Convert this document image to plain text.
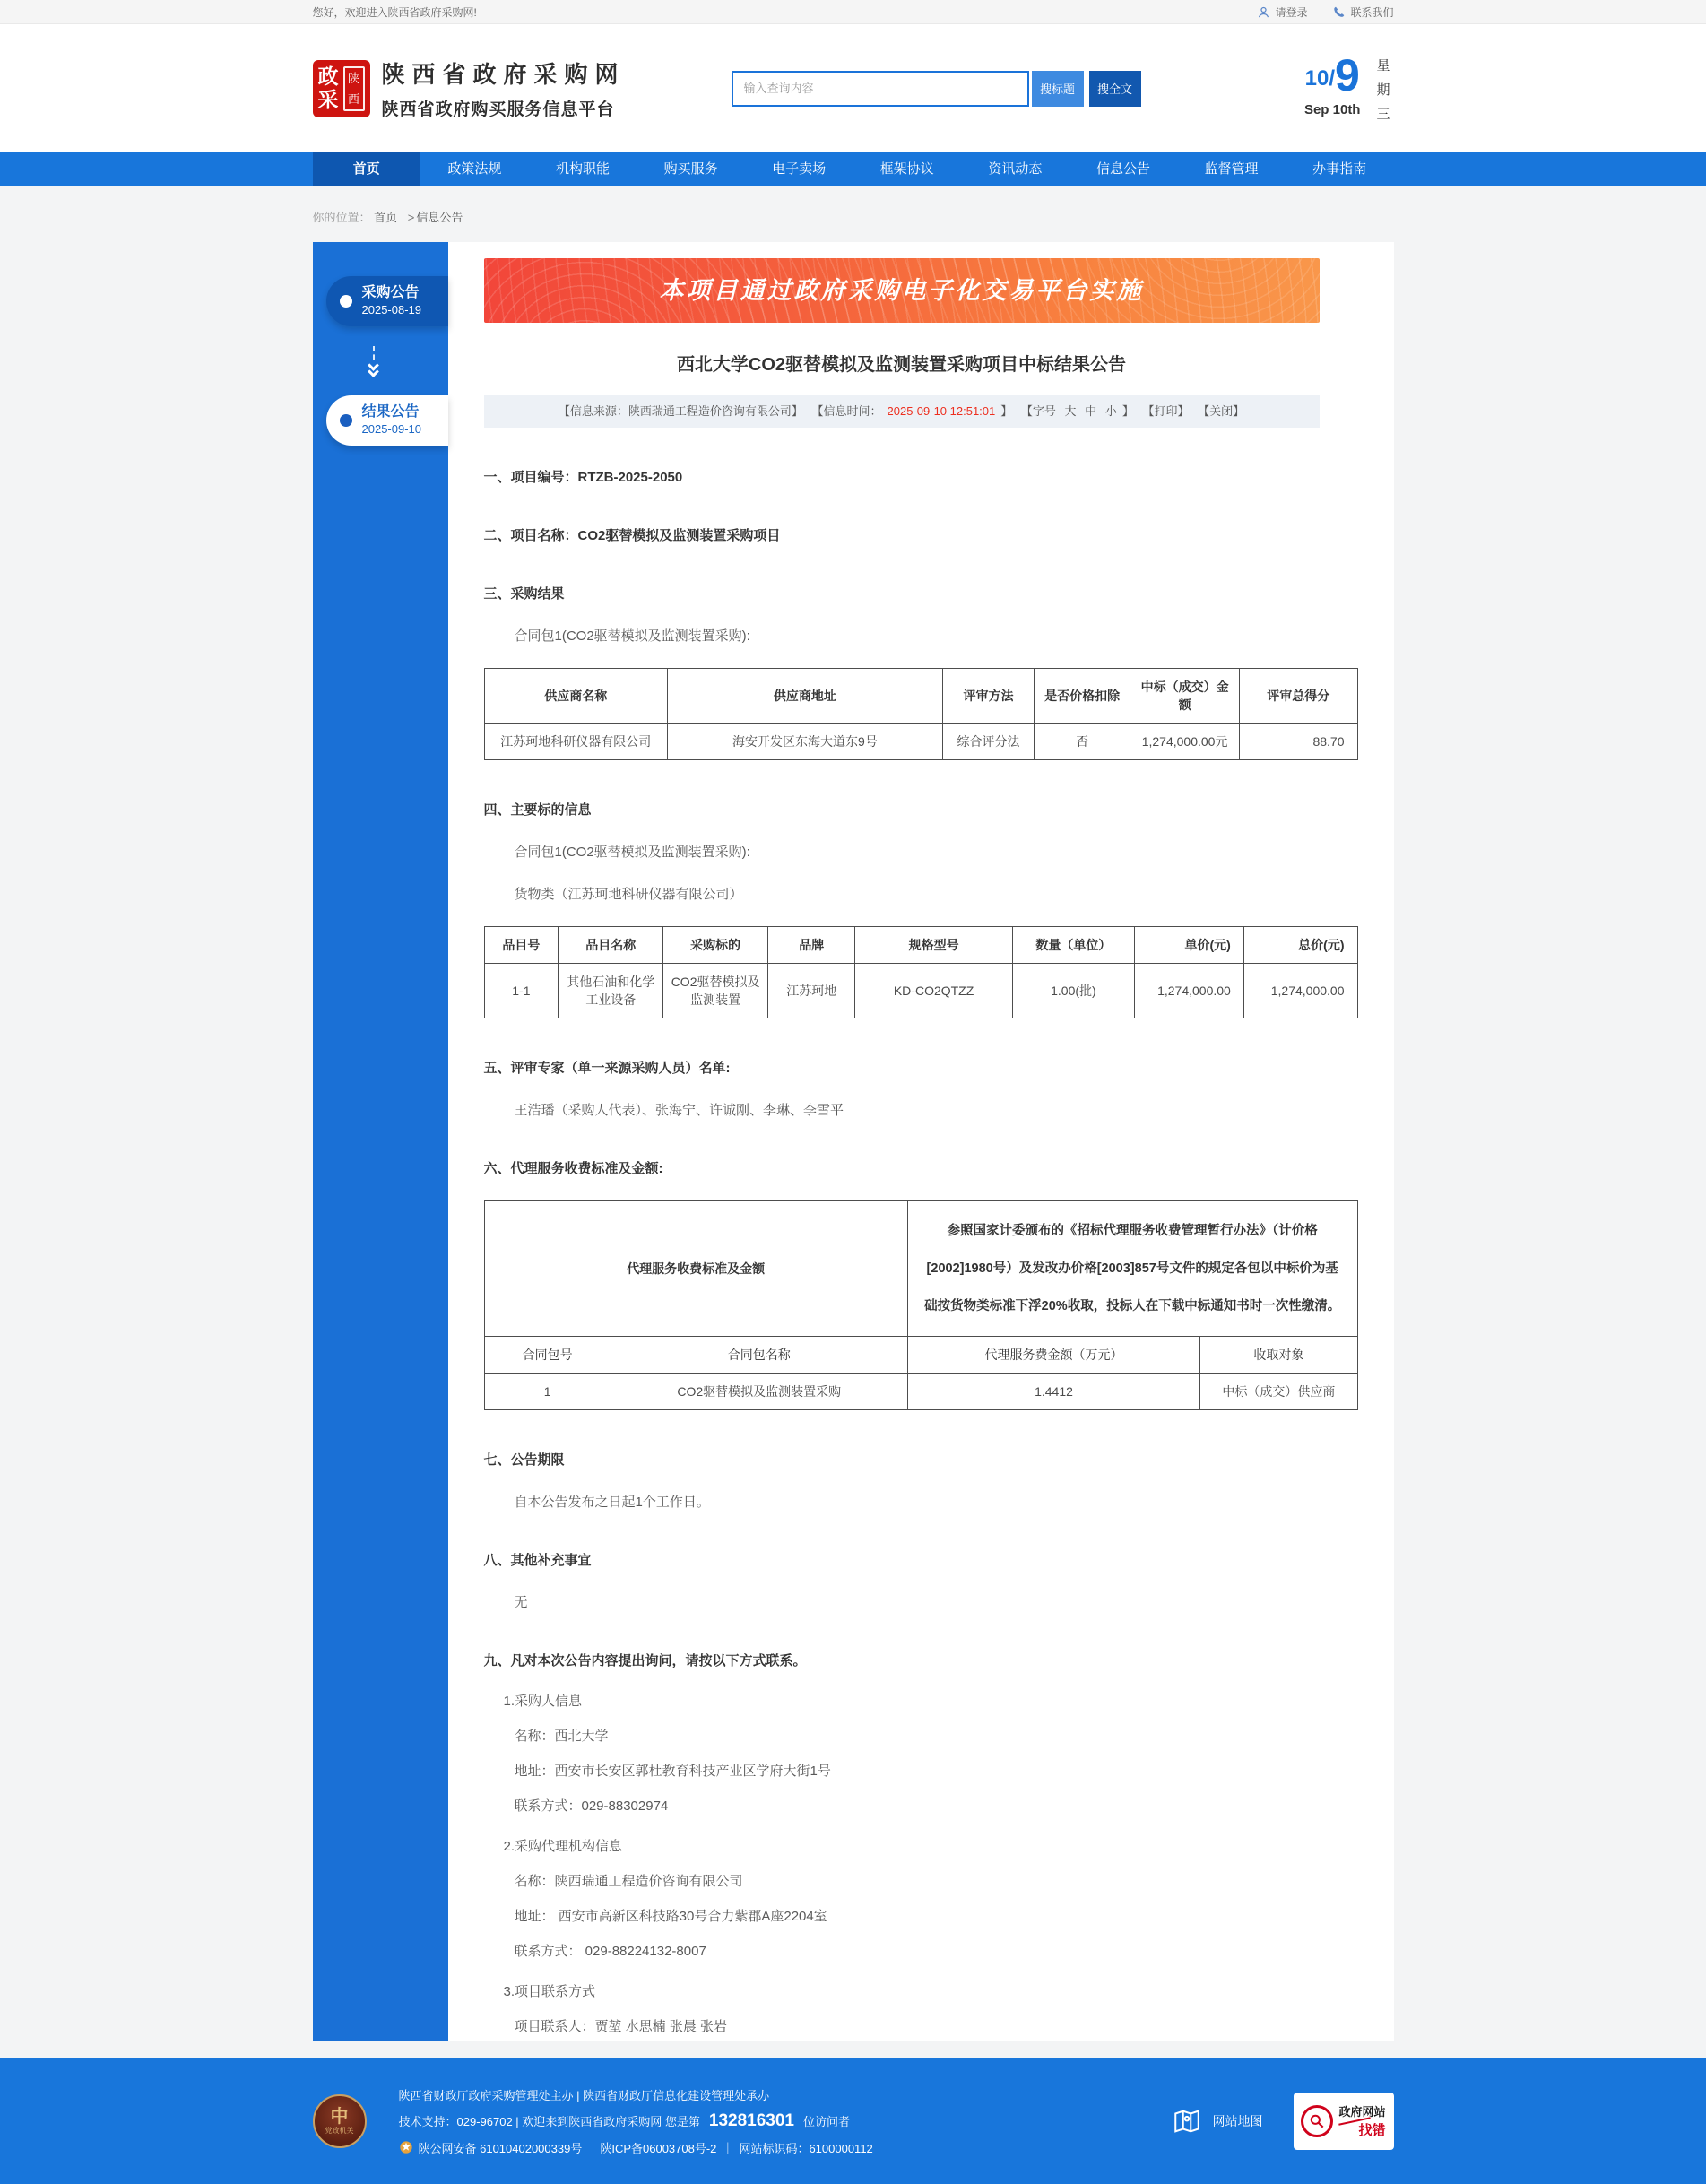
您好，欢迎进入陕西省政府采购网!	请登录	联系我们
政
采
陕
西
陕西省政府采购网
陕西省政府购买服务信息平台
输入查询内容
搜标题	搜全文	10/ 9
Sep 10th
星
期
三
首页	政策法规	机构职能	购买服务	电子卖场	框架协议	资讯动态	信息公告	监督管理	办事指南
你的位置： 首页 > 信息公告
采购公告
2025-08-19
结果公告
2025-09-10
本项目通过政府采购电子化交易平台实施
西北大学CO2驱替模拟及监测装置采购项目中标结果公告
【信息来源：陕西瑞通工程造价咨询有限公司】 【信息时间： 2025-09-10 12:51:01 】 【字号 大 中 小 】 【打印】 【关闭】
一、项目编号：RTZB-2025-2050
二、项目名称：CO2驱替模拟及监测装置采购项目
三、采购结果

合同包1(CO2驱替模拟及监测装置采购):

供应商名称	供应商地址	评审方法	是否价格扣除	中标（成交）金额	评审总得分
江苏珂地科研仪器有限公司	海安开发区东海大道东9号	综合评分法	否	1,274,000.00元	88.70
四、主要标的信息

合同包1(CO2驱替模拟及监测装置采购):

货物类（江苏珂地科研仪器有限公司）

品目号	品目名称	采购标的	品牌	规格型号	数量（单位）	单价(元)	总价(元)
1-1	其他石油和化学工业设备	CO2驱替模拟及监测装置	江苏珂地	KD-CO2QTZZ	1.00(批)	1,274,000.00	1,274,000.00
五、评审专家（单一来源采购人员）名单:

王浩璠（采购人代表）、张海宁、许诚刚、李琳、李雪平

六、代理服务收费标准及金额:
代理服务收费标准及金额		参照国家计委颁布的《招标代理服务收费管理暂行办法》（计价格[2002]1980号）及发改办价格[2003]857号文件的规定各包以中标价为基础按货物类标准下浮20%收取，投标人在下载中标通知书时一次性缴清。	
合同包号	合同包名称	代理服务费金额（万元）	收取对象
1	CO2驱替模拟及监测装置采购	1.4412	中标（成交）供应商
七、公告期限

自本公告发布之日起1个工作日。

八、其他补充事宜

无

九、凡对本次公告内容提出询问，请按以下方式联系。
1.采购人信息
名称：西北大学
地址：西安市长安区郭杜教育科技产业区学府大街1号
联系方式：029-88302974
2.采购代理机构信息
名称：陕西瑞通工程造价咨询有限公司
地址： 西安市高新区科技路30号合力紫郡A座2204室
联系方式： 029-88224132-8007
3.项目联系方式
项目联系人：贾堃 水思楠 张晨 张岩
中
党政机关
陕西省财政厅政府采购管理处主办 | 陕西省财政厅信息化建设管理处承办
技术支持：029-96702 | 欢迎来到陕西省政府采购网 您是第 132816301 位访问者
陕公网安备 61010402000339号 陕ICP备06003708号-2 ｜ 网站标识码：6100000112
网站地图
政府网站
找错
